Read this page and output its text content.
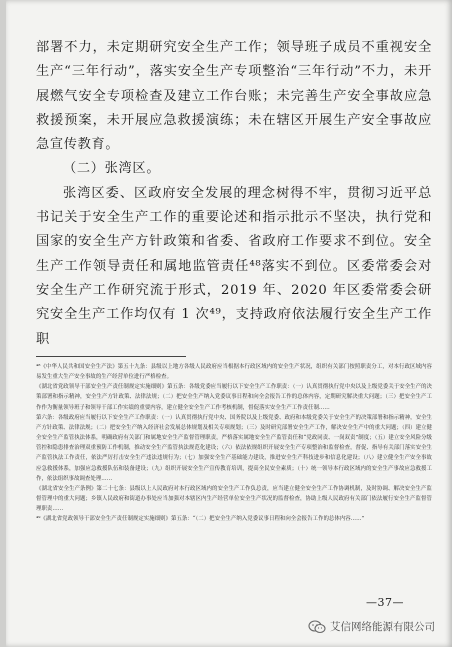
部署不力，未定期研究安全生产工作；领导班子成员不重视安全生产“三年行动”，落实安全生产专项整治“三年行动”不力，未开展燃气安全专项检查及建立工作台账；未完善生产安全事故应急救援预案，未开展应急救援演练；未在辖区开展生产安全事故应急宣传教育。

（二）张湾区。

张湾区委、区政府安全发展的理念树得不牢，贯彻习近平总书记关于安全生产工作的重要论述和指示批示不坚决，执行党和国家的安全生产方针政策和省委、省政府工作要求不到位。安全生产工作领导责任和属地监管责任⁴⁸落实不到位。区委常委会对安全生产工作研究流于形式，2019 年、2020 年区委常委会研究安全生产工作均仅有 1 次⁴⁹，支持政府依法履行安全生产工作职

⁴⁸《中华人民共和国安全生产法》第五十九条：县级以上地方各级人民政府应当根据本行政区域内的安全生产状况，组织有关部门按照职责分工，对本行政区域内容易发生重大生产安全事故的生产经营单位进行严格检查。

《湖北省党政领导干部安全生产责任制规定实施细则》第五条：各级党委应当履行以下安全生产工作职责：（一）认真贯彻执行党中央以及上级党委关于安全生产的决策部署和指示精神，安全生产方针政策、法律法规；（二）把安全生产纳入党委议事日程和向全会报告工作的总体内容，定期研究解决重大问题；（三）把安全生产工作作为衡量领导班子和领导干部工作实绩的重要内容，建立健全安全生产工作考核机制，督促落实安全生产工作责任制……

第六条：各级政府应当履行以下安全生产工作职责：（一）认真贯彻执行党中央、国务院以及上级党委、政府和本级党委关于安全生产的决策部署和指示精神，安全生产方针政策、法律法规；（二）把安全生产纳入经济社会发展总体规划及相关专项规划；（三）及时研究部署安全生产工作，解决安全生产中的重大问题；（四）建立健全安全生产监管执法体系，明确政府有关部门和属地安全生产监督管理职责，严格落实属地安全生产监管责任和“党政同责、一岗双责”制度；（五）建立安全风险分级管控和隐患排查治理双重预防工作机制，推动安全生产监管执法规范化建设；（六）依法依规组织开展安全生产专项整治和监督检查，督促、指导有关部门落实安全生产监管执法工作责任，依法严厉打击安全生产违法违规行为；（七）加强安全生产基础能力建设，推进安全生产科技进步和信息化建设；（八）建立健全生产安全事故应急救援体系，加强应急救援队伍和装备建设；（九）组织开展安全生产宣传教育培训，提高全民安全素质；（十）统一领导本行政区域内的安全生产事故应急救援工作，依法组织事故调查处理……

《湖北省安全生产条例》第二十七条：县级以上人民政府对本行政区域内的安全生产工作负总责，应当建立健全安全生产工作协调机制，及时协调、解决安全生产监督管理中的重大问题；乡镇人民政府和街道办事处应当加强对本辖区内生产经营单位安全生产状况的监督检查，协助上级人民政府有关部门依法履行安全生产监督管理职责……

⁴⁹《湖北省党政领导干部安全生产责任制规定实施细则》第五条：“（二）把安全生产纳入党委议事日程和向全会报告工作的总体内容……”

—37—
艾信网络能源有限公司
